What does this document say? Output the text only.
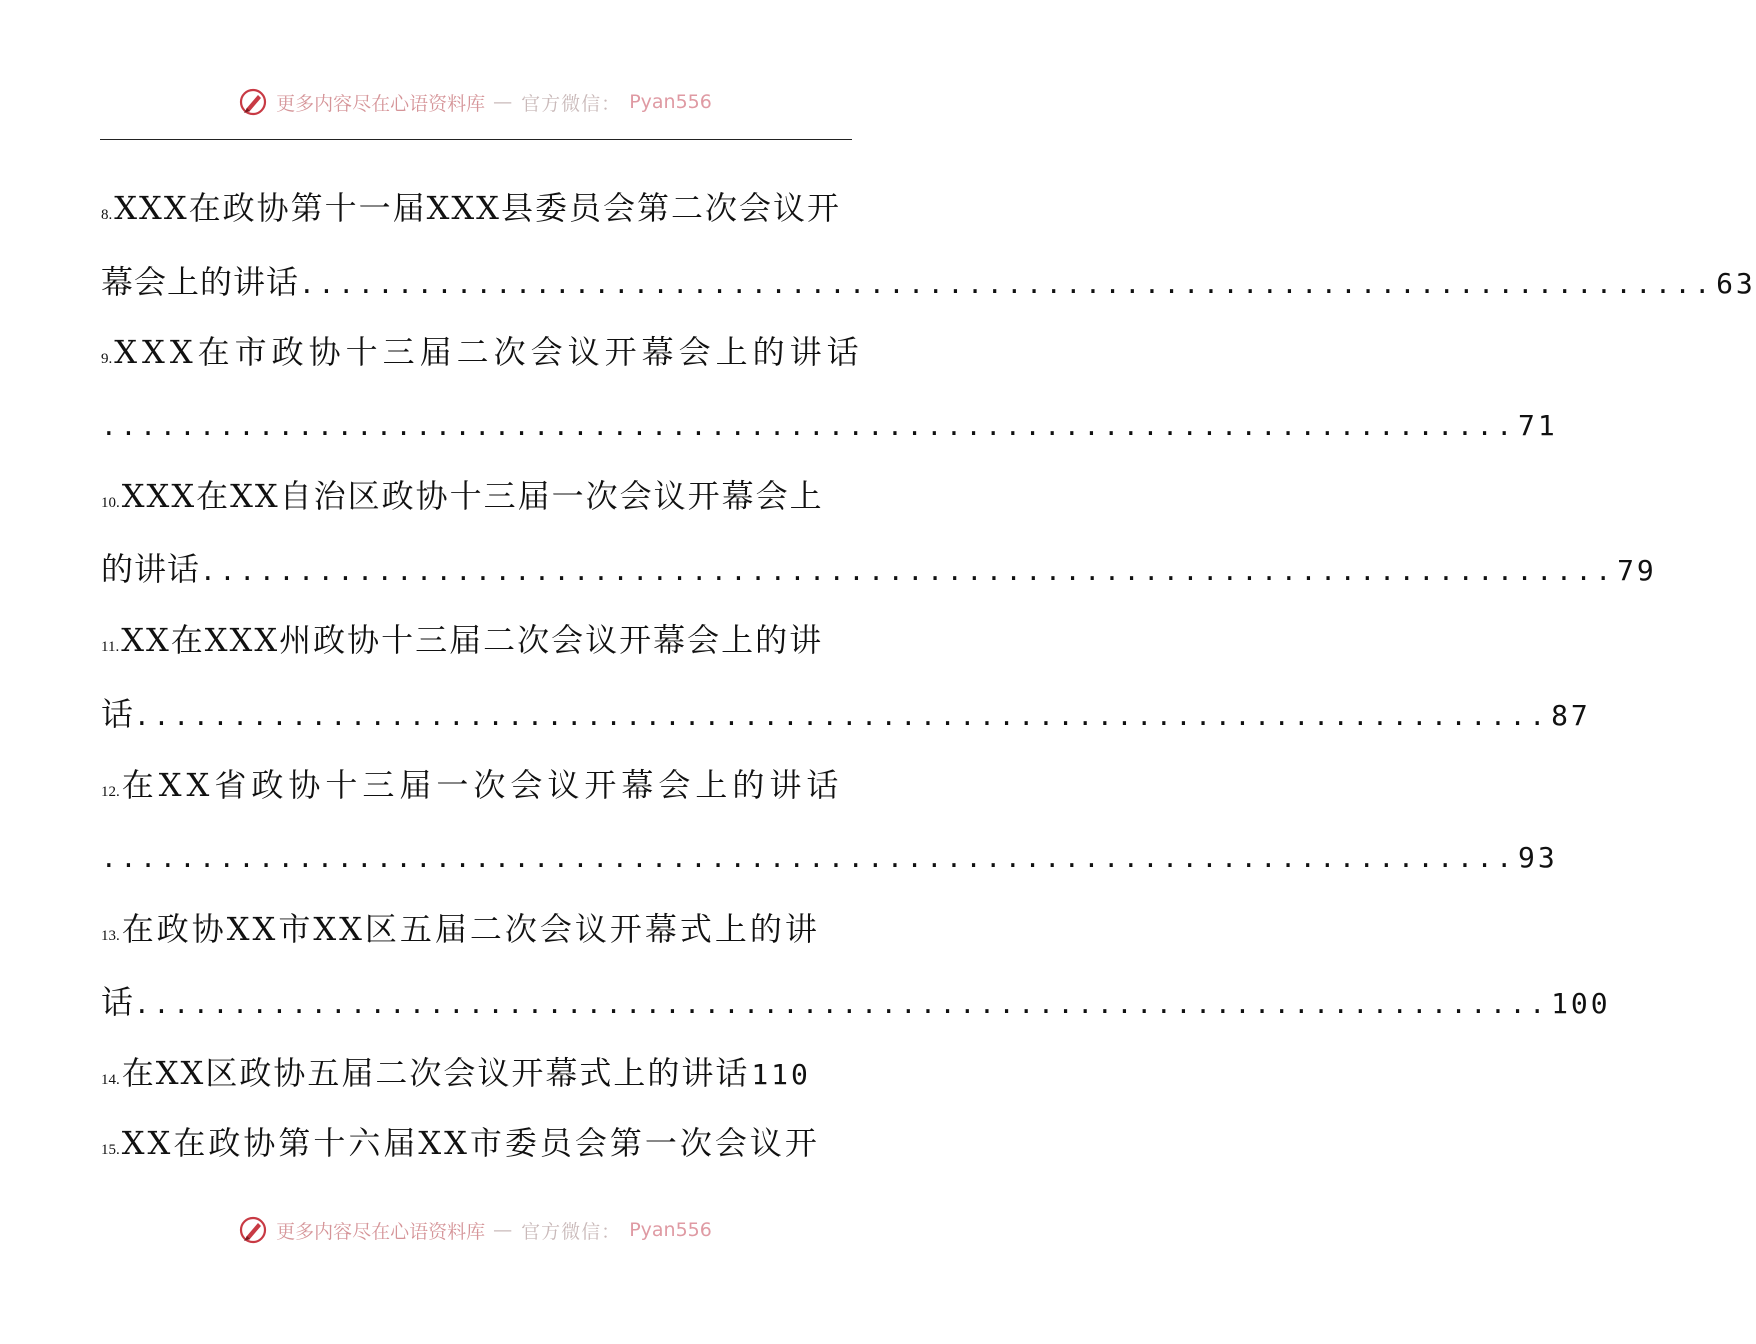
更多内容尽在心语资料库 — 官方微信： Pyan556
8. XXX在政协第十一届XXX县委员会第二次会议开
幕会上的讲话 ........................................................................ 63
9. XXX在市政协十三届二次会议开幕会上的讲话
........................................................................ 71
10. XXX在XX自治区政协十三届一次会议开幕会上
的讲话 ........................................................................ 79
11. XX在XXX州政协十三届二次会议开幕会上的讲
话 ........................................................................ 87
12. 在XX省政协十三届一次会议开幕会上的讲话
........................................................................ 93
13. 在政协XX市XX区五届二次会议开幕式上的讲
话 ........................................................................ 100
14. 在XX区政协五届二次会议开幕式上的讲话 110
15. XX在政协第十六届XX市委员会第一次会议开
更多内容尽在心语资料库 — 官方微信： Pyan556
